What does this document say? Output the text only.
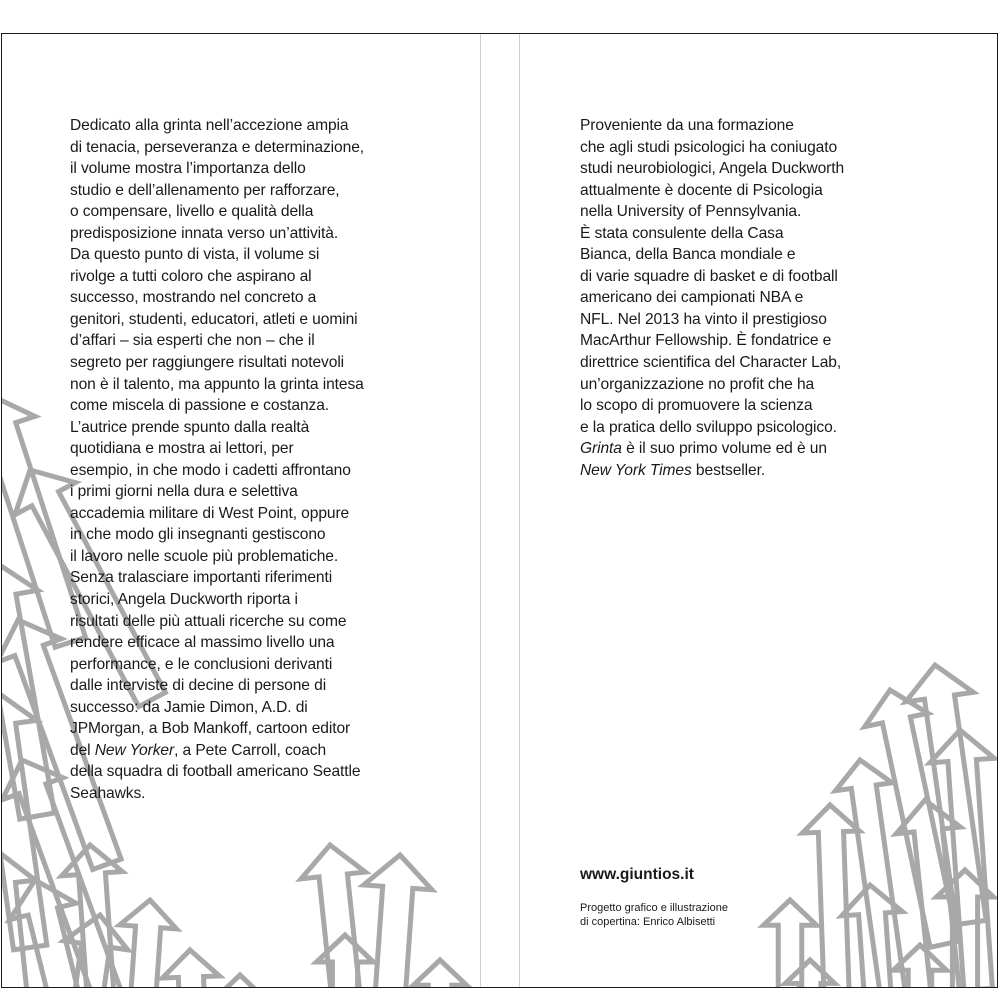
Dedicato alla grinta nell’accezione ampia
di tenacia, perseveranza e determinazione,
il volume mostra l’importanza dello
studio e dell’allenamento per rafforzare,
o compensare, livello e qualità della
predisposizione innata verso un’attività.
Da questo punto di vista, il volume si
rivolge a tutti coloro che aspirano al
successo, mostrando nel concreto a
genitori, studenti, educatori, atleti e uomini
d’affari – sia esperti che non – che il
segreto per raggiungere risultati notevoli
non è il talento, ma appunto la grinta intesa
come miscela di passione e costanza.
L’autrice prende spunto dalla realtà
quotidiana e mostra ai lettori, per
esempio, in che modo i cadetti affrontano
i primi giorni nella dura e selettiva
accademia militare di West Point, oppure
in che modo gli insegnanti gestiscono
il lavoro nelle scuole più problematiche.
Senza tralasciare importanti riferimenti
storici, Angela Duckworth riporta i
risultati delle più attuali ricerche su come
rendere efficace al massimo livello una
performance, e le conclusioni derivanti
dalle interviste di decine di persone di
successo: da Jamie Dimon, A.D. di
JPMorgan, a Bob Mankoff, cartoon editor
del New Yorker, a Pete Carroll, coach
della squadra di football americano Seattle
Seahawks.
Proveniente da una formazione
che agli studi psicologici ha coniugato
studi neurobiologici, Angela Duckworth
attualmente è docente di Psicologia
nella University of Pennsylvania.
È stata consulente della Casa
Bianca, della Banca mondiale e
di varie squadre di basket e di football
americano dei campionati NBA e
NFL. Nel 2013 ha vinto il prestigioso
MacArthur Fellowship. È fondatrice e
direttrice scientifica del Character Lab,
un’organizzazione no profit che ha
lo scopo di promuovere la scienza
e la pratica dello sviluppo psicologico.
Grinta è il suo primo volume ed è un
New York Times bestseller.
www.giuntios.it
Progetto grafico e illustrazione
di copertina: Enrico Albisetti
